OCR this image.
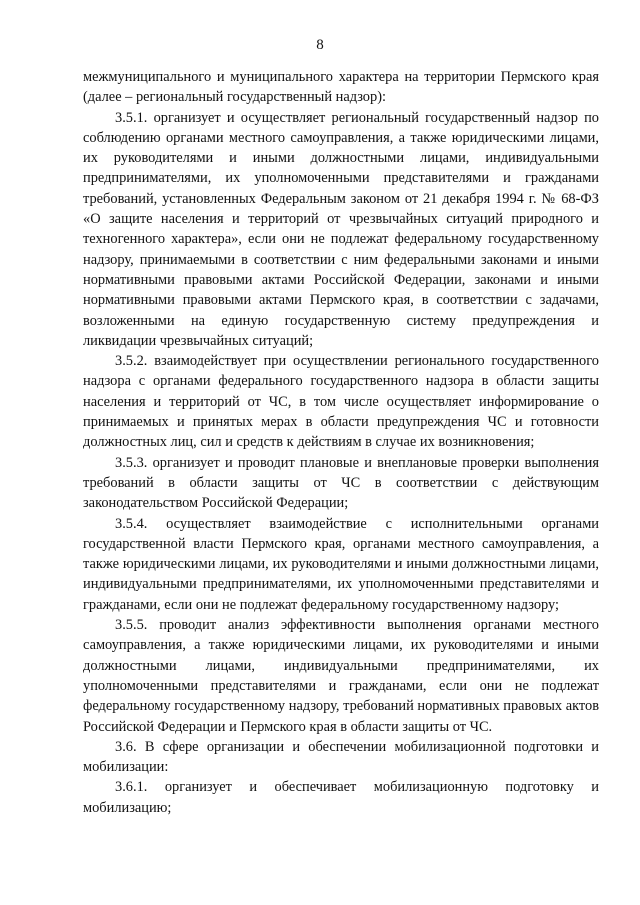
8

межмуниципального и муниципального характера на территории Пермского края (далее – региональный государственный надзор):

3.5.1. организует и осуществляет региональный государственный надзор по соблюдению органами местного самоуправления, а также юридическими лицами, их руководителями и иными должностными лицами, индивидуальными предпринимателями, их уполномоченными представителями и гражданами требований, установленных Федеральным законом от 21 декабря 1994 г. № 68-ФЗ «О защите населения и территорий от чрезвычайных ситуаций природного и техногенного характера», если они не подлежат федеральному государственному надзору, принимаемыми в соответствии с ним федеральными законами и иными нормативными правовыми актами Российской Федерации, законами и иными нормативными правовыми актами Пермского края, в соответствии с задачами, возложенными на единую государственную систему предупреждения и ликвидации чрезвычайных ситуаций;

3.5.2. взаимодействует при осуществлении регионального государственного надзора с органами федерального государственного надзора в области защиты населения и территорий от ЧС, в том числе осуществляет информирование о принимаемых и принятых мерах в области предупреждения ЧС и готовности должностных лиц, сил и средств к действиям в случае их возникновения;

3.5.3. организует и проводит плановые и внеплановые проверки выполнения требований в области защиты от ЧС в соответствии с действующим законодательством Российской Федерации;

3.5.4. осуществляет взаимодействие с исполнительными органами государственной власти Пермского края, органами местного самоуправления, а также юридическими лицами, их руководителями и иными должностными лицами, индивидуальными предпринимателями, их уполномоченными представителями и гражданами, если они не подлежат федеральному государственному надзору;

3.5.5. проводит анализ эффективности выполнения органами местного самоуправления, а также юридическими лицами, их руководителями и иными должностными лицами, индивидуальными предпринимателями, их уполномоченными представителями и гражданами, если они не подлежат федеральному государственному надзору, требований нормативных правовых актов Российской Федерации и Пермского края в области защиты от ЧС.

3.6. В сфере организации и обеспечении мобилизационной подготовки и мобилизации:

3.6.1. организует и обеспечивает мобилизационную подготовку и мобилизацию;
